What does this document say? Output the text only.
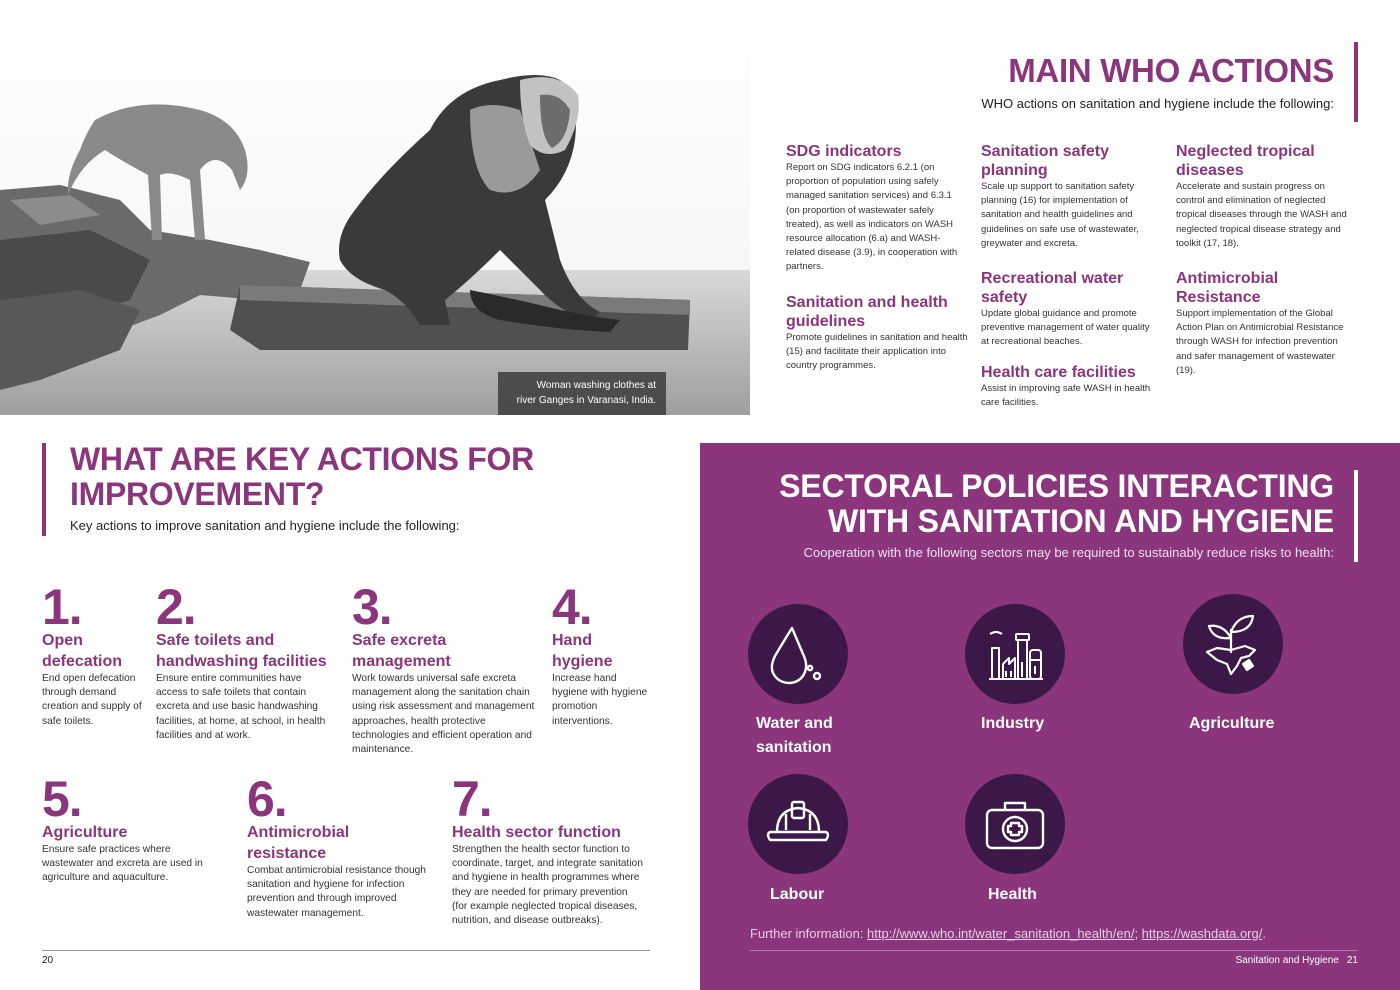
Woman washing clothes at
river Ganges in Varanasi, India.
MAIN WHO ACTIONS
WHO actions on sanitation and hygiene include the following:
SDG indicators

Report on SDG indicators 6.2.1 (on proportion of population using safely managed sanitation services) and 6.3.1 (on proportion of wastewater safely treated), as well as indicators on WASH resource allocation (6.a) and WASH-related disease (3.9), in cooperation with partners.

Sanitation and health guidelines

Promote guidelines in sanitation and health (15) and facilitate their application into country programmes.

Sanitation safety planning

Scale up support to sanitation safety planning (16) for implementation of sanitation and health guidelines and guidelines on safe use of wastewater, greywater and excreta.

Recreational water safety

Update global guidance and promote preventive management of water quality at recreational beaches.

Health care facilities

Assist in improving safe WASH in health care facilities.

Neglected tropical diseases

Accelerate and sustain progress on control and elimination of neglected tropical diseases through the WASH and neglected tropical disease strategy and toolkit (17, 18).

Antimicrobial Resistance

Support implementation of the Global Action Plan on Antimicrobial Resistance through WASH for infection prevention and safer management of wastewater (19).

WHAT ARE KEY ACTIONS FOR
IMPROVEMENT?
Key actions to improve sanitation and hygiene include the following:
1.
Open
defecation

End open defecation through demand creation and supply of safe toilets.

2.
Safe toilets and
handwashing facilities

Ensure entire communities have access to safe toilets that contain excreta and use basic handwashing facilities, at home, at school, in health facilities and at work.

3.
Safe excreta
management

Work towards universal safe excreta management along the sanitation chain using risk assessment and management approaches, health protective technologies and efficient operation and maintenance.

4.
Hand
hygiene

Increase hand hygiene with hygiene promotion interventions.

5.
Agriculture

Ensure safe practices where wastewater and excreta are used in agriculture and aquaculture.

6.
Antimicrobial
resistance

Combat antimicrobial resistance though sanitation and hygiene for infection prevention and through improved wastewater management.

7.
Health sector function

Strengthen the health sector function to coordinate, target, and integrate sanitation and hygiene in health programmes where they are needed for primary prevention (for example neglected tropical diseases, nutrition, and disease outbreaks).

20
SECTORAL POLICIES INTERACTING
WITH SANITATION AND HYGIENE
Cooperation with the following sectors may be required to sustainably reduce risks to health:
Water and
sanitation
Industry	Agriculture
Labour	Health
Further information: http://www.who.int/water_sanitation_health/en/; https://washdata.org/.
Sanitation and Hygiene 21
